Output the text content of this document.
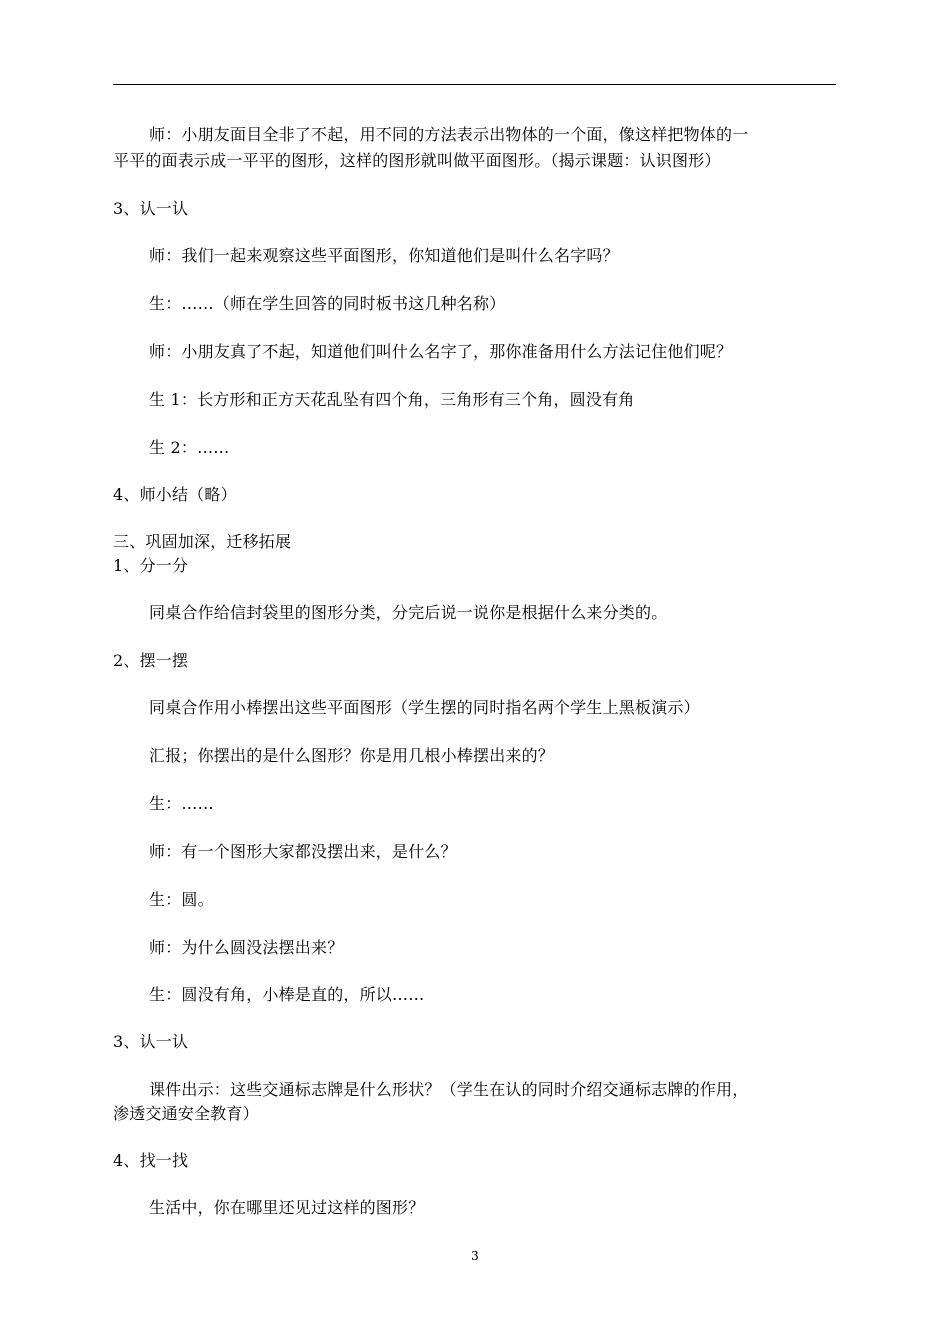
师：小朋友面目全非了不起，用不同的方法表示出物体的一个面，像这样把物体的一
平平的面表示成一平平的图形，这样的图形就叫做平面图形。（揭示课题：认识图形）
3、认一认
师：我们一起来观察这些平面图形，你知道他们是叫什么名字吗？
生：……（师在学生回答的同时板书这几种名称）
师：小朋友真了不起，知道他们叫什么名字了，那你准备用什么方法记住他们呢？
生 1：长方形和正方天花乱坠有四个角，三角形有三个角，圆没有角
生 2：……
4、师小结（略）
三、巩固加深，迁移拓展
1、分一分
同桌合作给信封袋里的图形分类，分完后说一说你是根据什么来分类的。
2、摆一摆
同桌合作用小棒摆出这些平面图形（学生摆的同时指名两个学生上黑板演示）
汇报；你摆出的是什么图形？你是用几根小棒摆出来的？
生：……
师：有一个图形大家都没摆出来，是什么？
生：圆。
师：为什么圆没法摆出来？
生：圆没有角，小棒是直的，所以……
3、认一认
课件出示：这些交通标志牌是什么形状？（学生在认的同时介绍交通标志牌的作用，
渗透交通安全教育）
4、找一找
生活中，你在哪里还见过这样的图形？
3
